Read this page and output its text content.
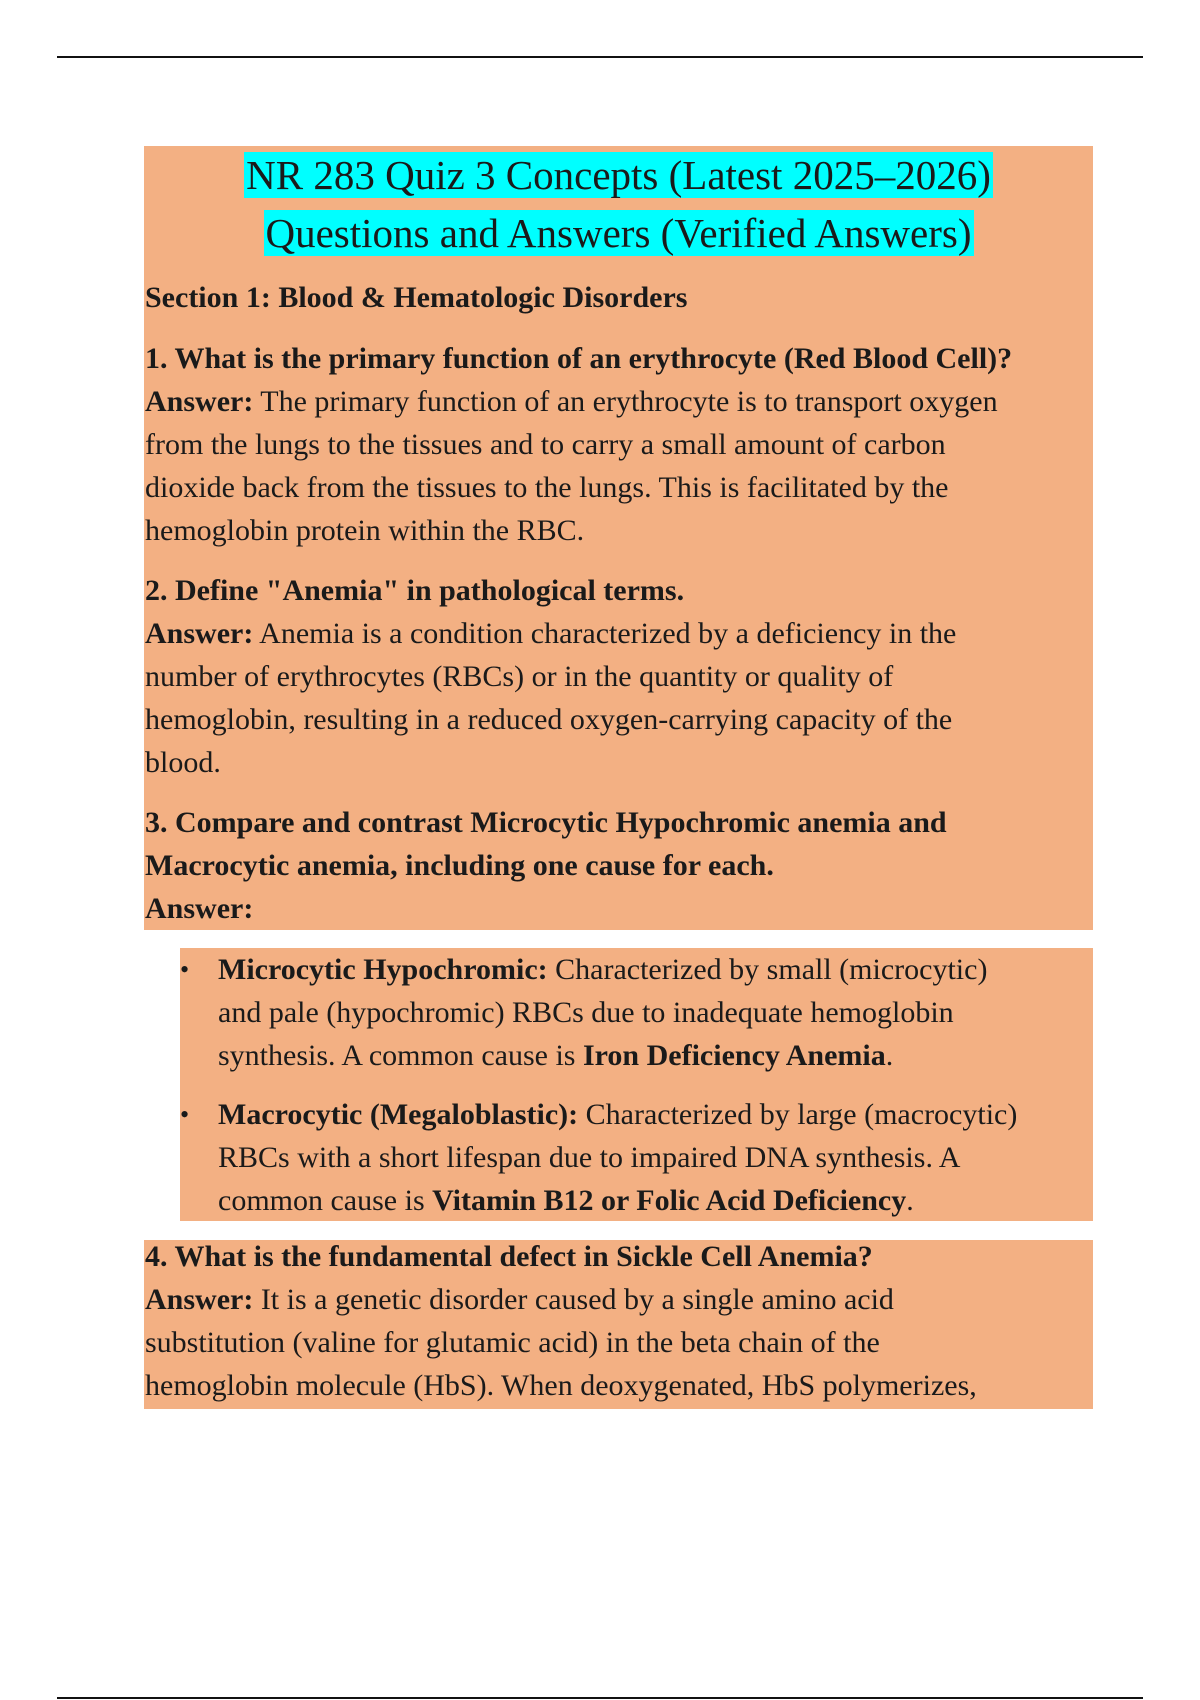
NR 283 Quiz 3 Concepts (Latest 2025–2026)
Questions and Answers (Verified Answers)
Section 1: Blood & Hematologic Disorders
1. What is the primary function of an erythrocyte (Red Blood Cell)?
Answer: The primary function of an erythrocyte is to transport oxygen
from the lungs to the tissues and to carry a small amount of carbon
dioxide back from the tissues to the lungs. This is facilitated by the
hemoglobin protein within the RBC.
2. Define "Anemia" in pathological terms.
Answer: Anemia is a condition characterized by a deficiency in the
number of erythrocytes (RBCs) or in the quantity or quality of
hemoglobin, resulting in a reduced oxygen-carrying capacity of the
blood.
3. Compare and contrast Microcytic Hypochromic anemia and
Macrocytic anemia, including one cause for each.
Answer:
• Microcytic Hypochromic: Characterized by small (microcytic)
and pale (hypochromic) RBCs due to inadequate hemoglobin
synthesis. A common cause is Iron Deficiency Anemia.
• Macrocytic (Megaloblastic): Characterized by large (macrocytic)
RBCs with a short lifespan due to impaired DNA synthesis. A
common cause is Vitamin B12 or Folic Acid Deficiency.
4. What is the fundamental defect in Sickle Cell Anemia?
Answer: It is a genetic disorder caused by a single amino acid
substitution (valine for glutamic acid) in the beta chain of the
hemoglobin molecule (HbS). When deoxygenated, HbS polymerizes,
